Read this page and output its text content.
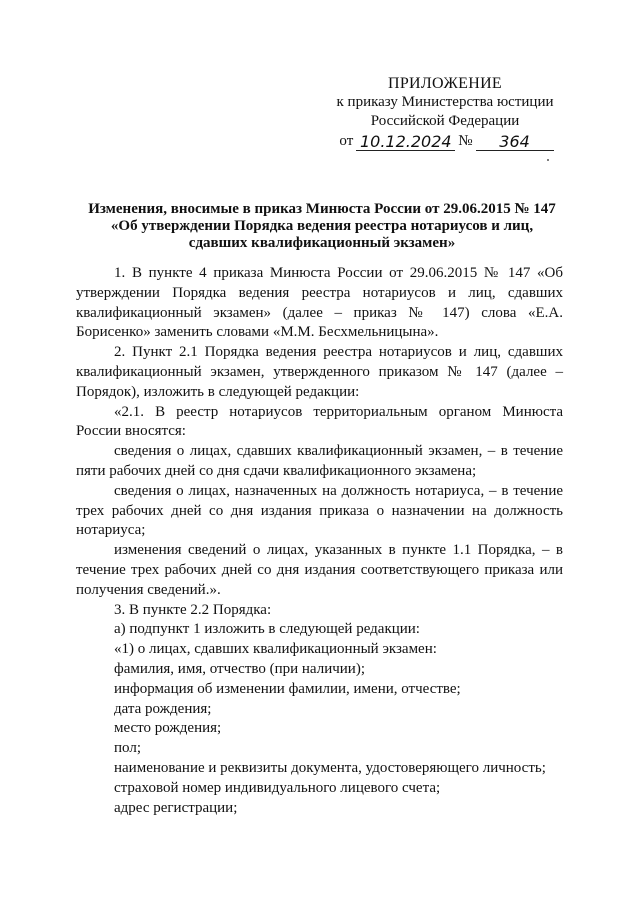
ПРИЛОЖЕНИЕ
к приказу Министерства юстиции
Российской Федерации
от 10.12.2024 №	364
Изменения, вносимые в приказ Минюста России от 29.06.2015 № 147
«Об утверждении Порядка ведения реестра нотариусов и лиц,
сдавших квалификационный экзамен»

1. В пункте 4 приказа Минюста России от 29.06.2015 № 147 «Об утверждении Порядка ведения реестра нотариусов и лиц, сдавших квалификационный экзамен» (далее – приказ № 147) слова «Е.А. Борисенко» заменить словами «М.М. Бесхмельницына».

2. Пункт 2.1 Порядка ведения реестра нотариусов и лиц, сдавших квалификационный экзамен, утвержденного приказом № 147 (далее – Порядок), изложить в следующей редакции:

«2.1. В реестр нотариусов территориальным органом Минюста России вносятся:

сведения о лицах, сдавших квалификационный экзамен, – в течение пяти рабочих дней со дня сдачи квалификационного экзамена;

сведения о лицах, назначенных на должность нотариуса, – в течение трех рабочих дней со дня издания приказа о назначении на должность нотариуса;

изменения сведений о лицах, указанных в пункте 1.1 Порядка, – в течение трех рабочих дней со дня издания соответствующего приказа или получения сведений.».

3. В пункте 2.2 Порядка:

а) подпункт 1 изложить в следующей редакции:

«1) о лицах, сдавших квалификационный экзамен:

фамилия, имя, отчество (при наличии);

информация об изменении фамилии, имени, отчестве;

дата рождения;

место рождения;

пол;

наименование и реквизиты документа, удостоверяющего личность;

страховой номер индивидуального лицевого счета;

адрес регистрации;
